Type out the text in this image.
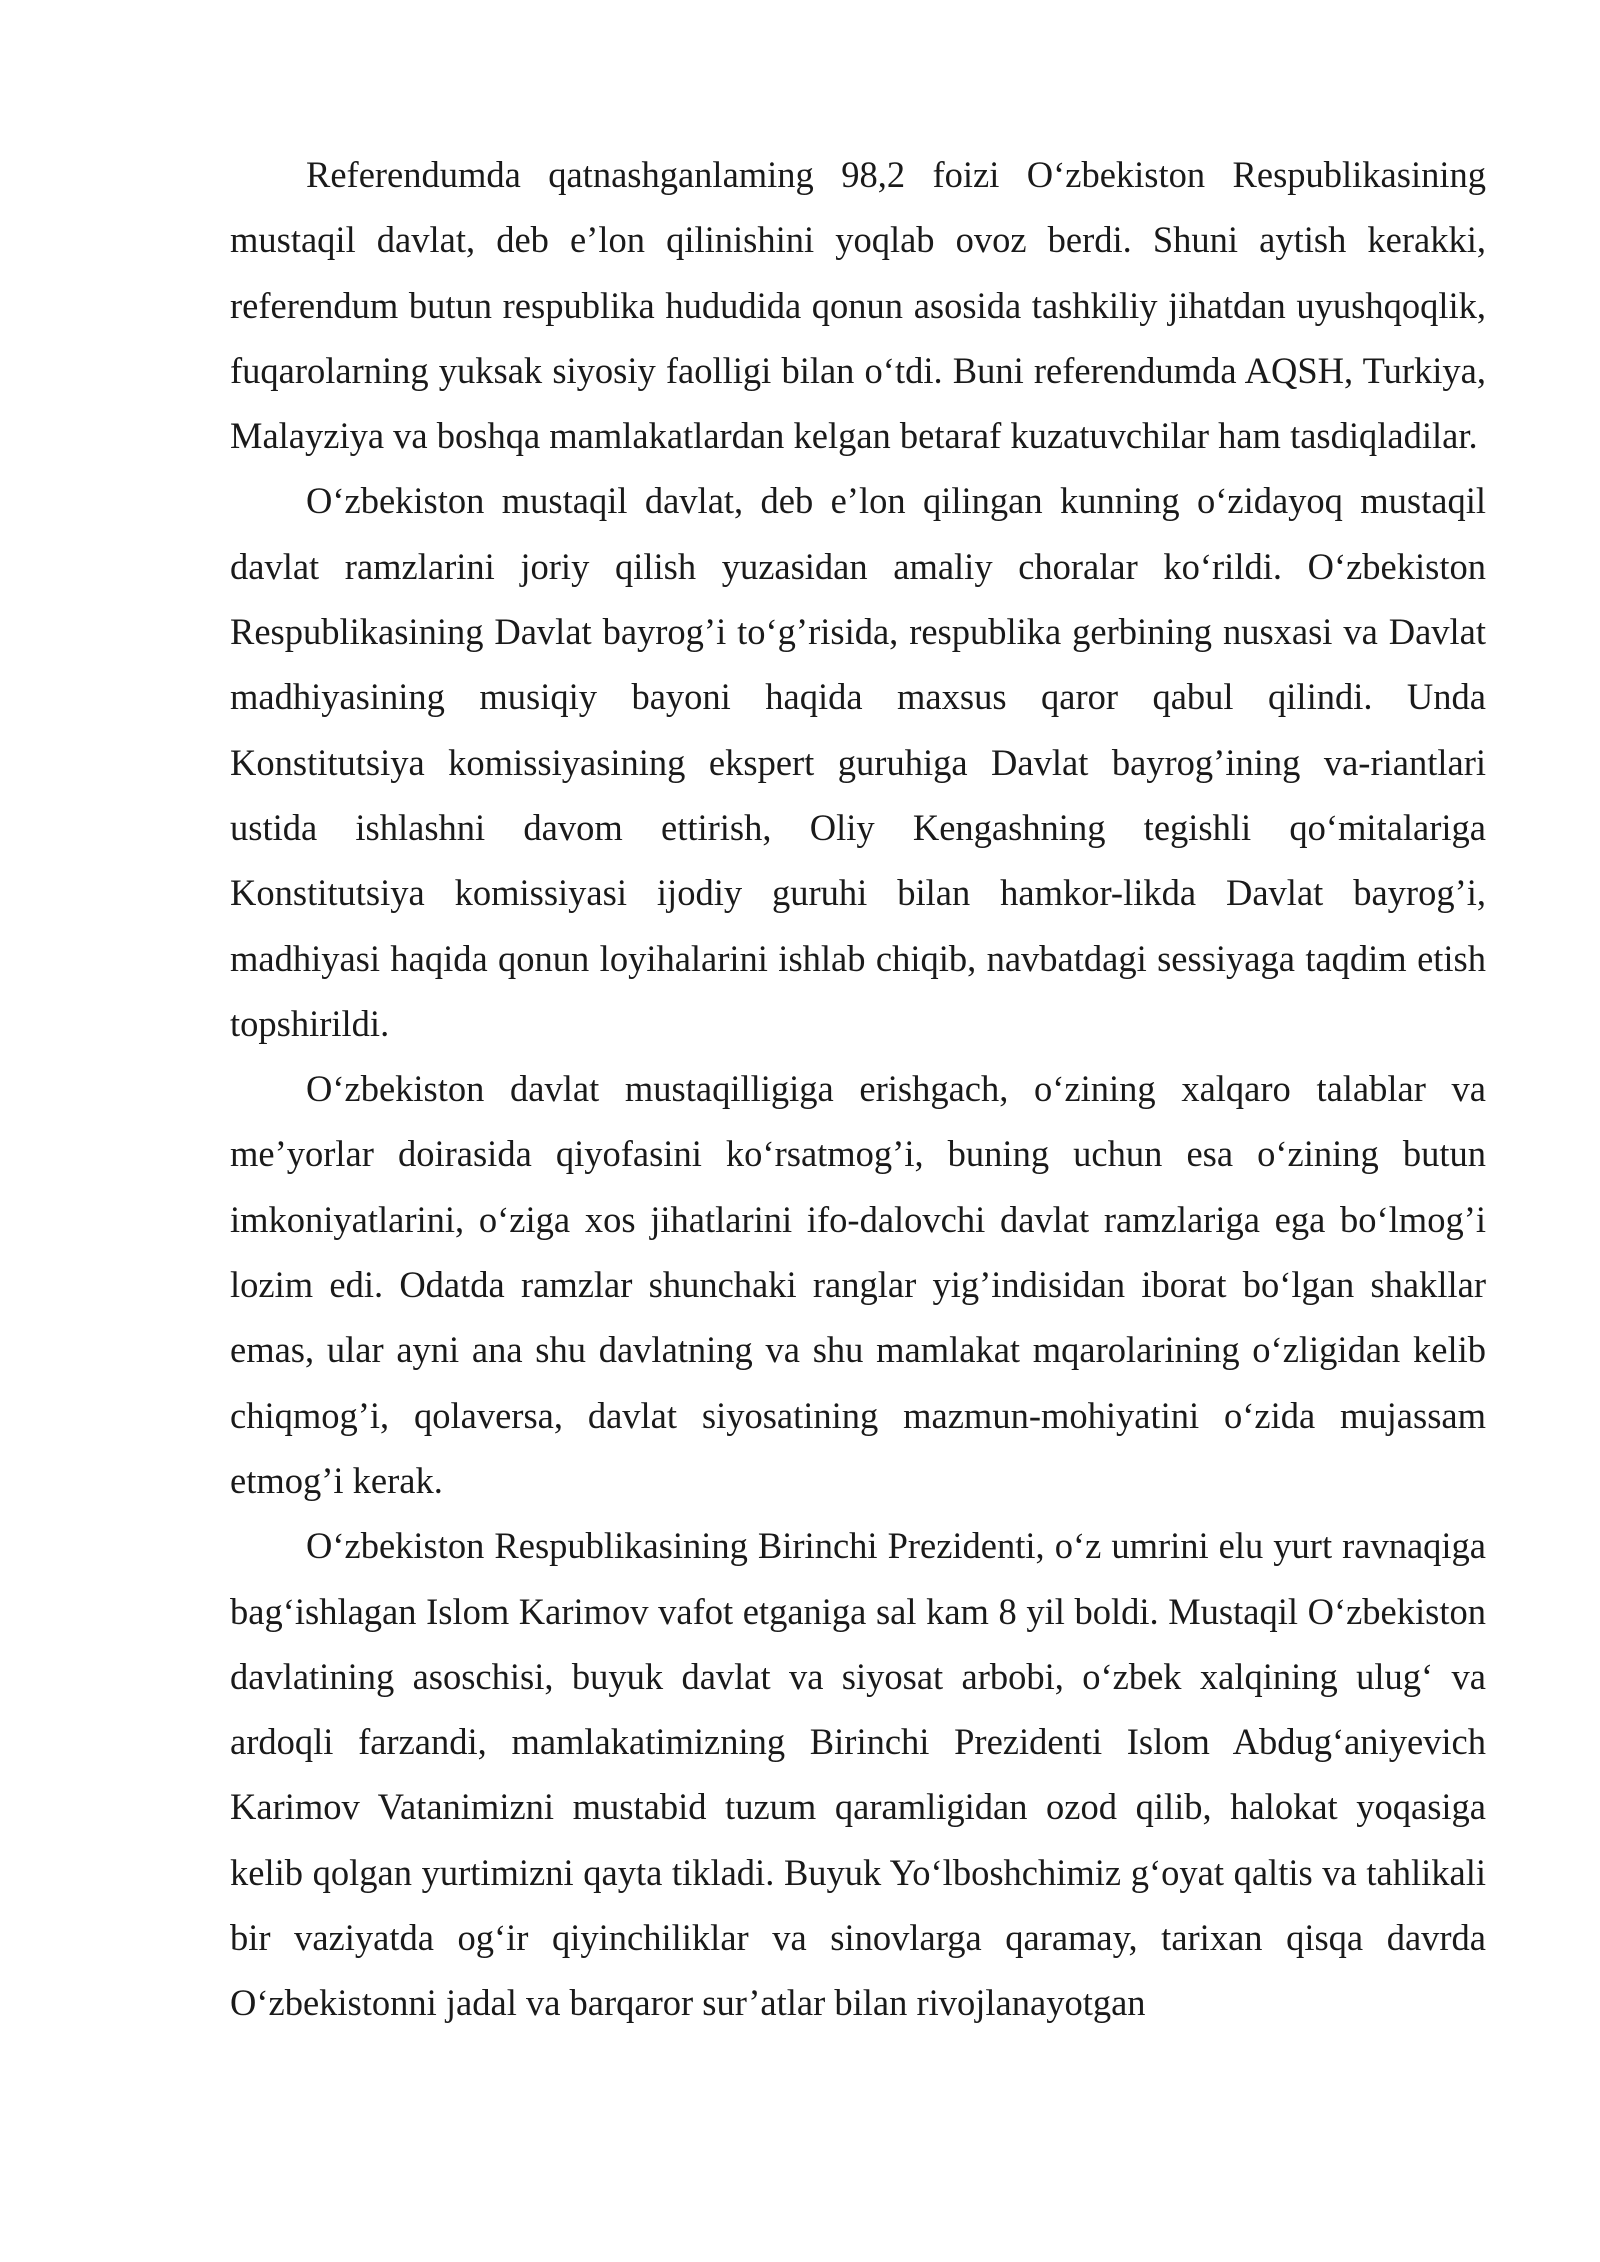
Referendumda qatnashganlaming 98,2 foizi O‘zbekiston Respublikasining mustaqil davlat, deb e’lon qilinishini yoqlab ovoz berdi. Shuni aytish kerakki, referendum butun respublika hududida qonun asosida tashkiliy jihatdan uyushqoqlik, fuqarolarning yuksak siyosiy faolligi bilan o‘tdi. Buni referendumda AQSH, Turkiya, Malayziya va boshqa mamlakatlardan kelgan betaraf kuzatuvchilar ham tasdiqladilar.

O‘zbekiston mustaqil davlat, deb e’lon qilingan kunning o‘zidayoq mustaqil davlat ramzlarini joriy qilish yuzasidan amaliy choralar ko‘rildi. O‘zbekiston Respublikasining Davlat bayrog’i to‘g’risida, respublika gerbining nusxasi va Davlat madhiyasining musiqiy bayoni haqida maxsus qaror qabul qilindi. Unda Konstitutsiya komissiyasining ekspert guruhiga Davlat bayrog’ining va-riantlari ustida ishlashni davom ettirish, Oliy Kengashning tegishli qo‘mitalariga Konstitutsiya komissiyasi ijodiy guruhi bilan hamkor-likda Davlat bayrog’i, madhiyasi haqida qonun loyihalarini ishlab chiqib, navbatdagi sessiyaga taqdim etish topshirildi.

O‘zbekiston davlat mustaqilligiga erishgach, o‘zining xalqaro talablar va me’yorlar doirasida qiyofasini ko‘rsatmog’i, buning uchun esa o‘zining butun imkoniyatlarini, o‘ziga xos jihatlarini ifo-dalovchi davlat ramzlariga ega bo‘lmog’i lozim edi. Odatda ramzlar shunchaki ranglar yig’indisidan iborat bo‘lgan shakllar emas, ular ayni ana shu davlatning va shu mamlakat mqarolarining o‘zligidan kelib chiqmog’i, qolaversa, davlat siyosatining mazmun-mohiyatini o‘zida mujassam etmog’i kerak.

O‘zbekiston Respublikasining Birinchi Prezidenti, o‘z umrini elu yurt ravnaqiga bag‘ishlagan Islom Karimov vafot etganiga sal kam 8 yil boldi. Mustaqil O‘zbekiston davlatining asoschisi, buyuk davlat va siyosat arbobi, o‘zbek xalqining ulug‘ va ardoqli farzandi, mamlakatimizning Birinchi Prezidenti Islom Abdug‘aniyevich Karimov Vatanimizni mustabid tuzum qaramligidan ozod qilib, halokat yoqasiga kelib qolgan yurtimizni qayta tikladi. Buyuk Yo‘lboshchimiz g‘oyat qaltis va tahlikali bir vaziyatda og‘ir qiyinchiliklar va sinovlarga qaramay, tarixan qisqa davrda O‘zbekistonni jadal va barqaror sur’atlar bilan rivojlanayotgan
